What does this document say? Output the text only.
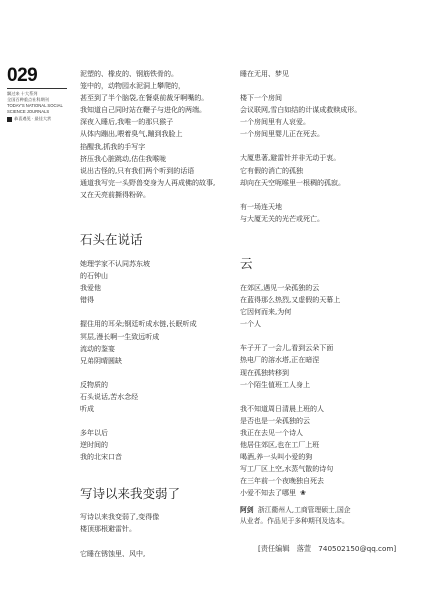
029
飘过来 十大系列
全国百种重点社科期刊
TODAY'S NATIONAL SOCIAL
SCIENCE JOURNALS
恭喜遇见 · 最佳大赏
泥塑的、橡皮的、钢筋铁骨的。
笼中的，动物园水泥洞上攀爬的，
甚至到了半个脑袋,在餐桌前裁牙啊嘴的。
我知道自己同时站在鞭子与进化的两端。
深夜入睡后,我唯一的那只猴子
从体内蹦出,喂着臭气,蹦到我脸上
掐醒我,抓我的手写字
挤压我心脏跳动,估住我喉咙
说出古怪的,只有我们两个听到的话语
通道我写完一头野兽变身为人再成佛的故事,
又在天亮前撕得粉碎。
石头在说话
她理学家不认同苏东坡
的石钟山
我爱他
错得
握住用的耳朵;钢廷听成水链,长眠听成
冥层,漫长啊一生致远听成
流动的鉴宴
兄弟阴晴圆缺
反物质的
石头说话,苦水念经
听成
多年以后
逆时间的
我的北宋口音
写诗以来我变弱了
写诗以来我变弱了,变得像
楼顶那根避雷针。
它睡在锈蚀里、风中,
睡在无用、梦见
楼下一个房间
会议联网,雪白如结的计谋成救赎成形。
一个房间里有人哀爱。
一个房间里婴儿正在死去。
大厦患著,避雷针并非无动于衷。
它有假的消亡的孤独
却向在天空呃喉里一根稠的孤寂。
有一场连天地
与大厦无关的光芒或死亡。
云
在郊区,遇见一朵孤独的云
在蓝得那么热烈,又虚假的天幕上
它因何而来,为何
一个人
车子开了一会儿,看到云朵下面
热电厂的溶水塔,正在暗涅
现在孤独转移到
一个陌生值班工人身上
我不知道周日清晨上班的人
是否也是一朵孤独的云
我正在去见一个诗人
他居住郊区,也在工厂上班
喝酒,养一头叫小爱的狗
写工厂区上空,水蒸气散的诗句
在三年前一个夜晚独自死去
小爱不知去了哪里 ❀
阿剑 浙江衢州人,工商管理硕士,国企
从业者。作品见于多种期刊及选本。
[责任编辑　落萱　740502150@qq.com]
